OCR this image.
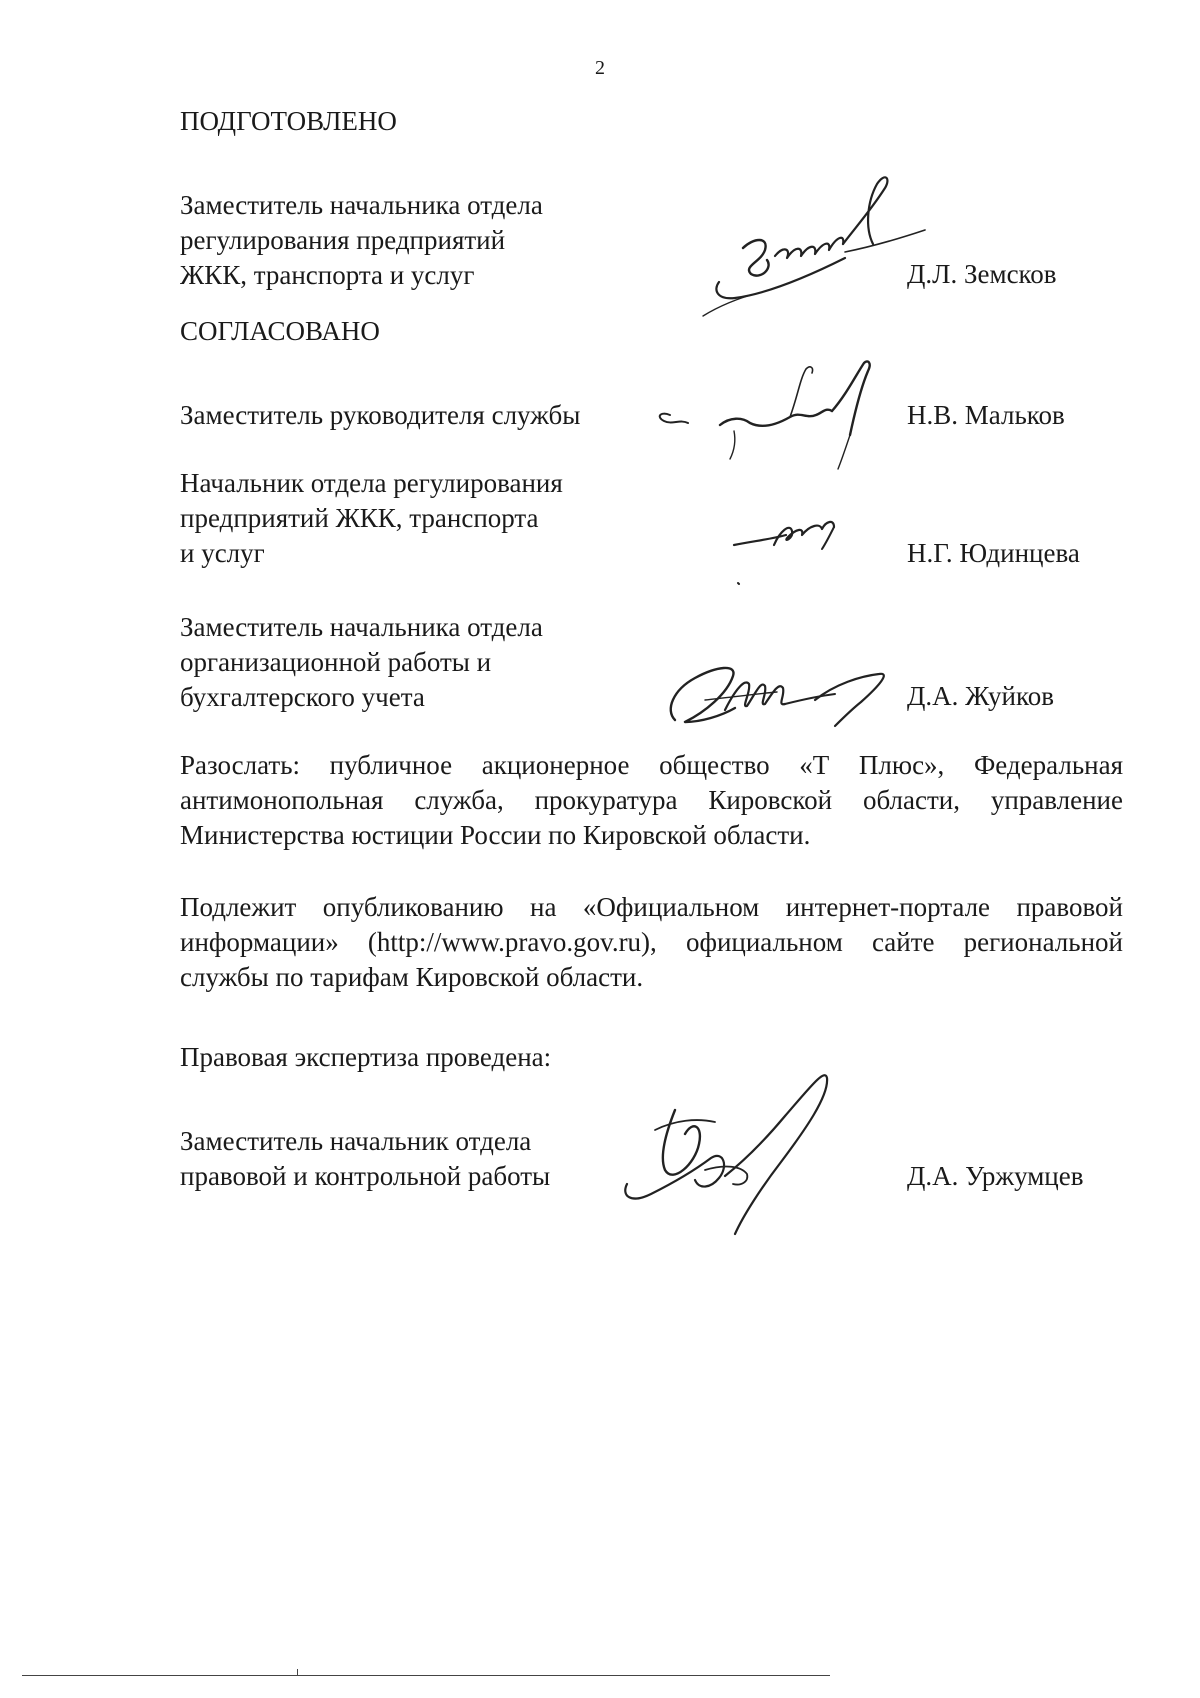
2
ПОДГОТОВЛЕНО
Заместитель начальника отдела
регулирования предприятий
ЖКК, транспорта и услуг	Д.Л. Земсков
СОГЛАСОВАНО
Заместитель руководителя службы	Н.В. Мальков
Начальник отдела регулирования
предприятий ЖКК, транспорта
и услуг	Н.Г. Юдинцева
Заместитель начальника отдела
организационной работы и
бухгалтерского учета	Д.А. Жуйков
Разослать: публичное акционерное общество «Т Плюс», Федеральная
антимонопольная служба, прокуратура Кировской области, управление
Министерства юстиции России по Кировской области.
Подлежит опубликованию на «Официальном интернет-портале правовой
информации» (http://www.pravo.gov.ru), официальном сайте региональной
службы по тарифам Кировской области.
Правовая экспертиза проведена:
Заместитель начальник отдела
правовой и контрольной работы	Д.А. Уржумцев
